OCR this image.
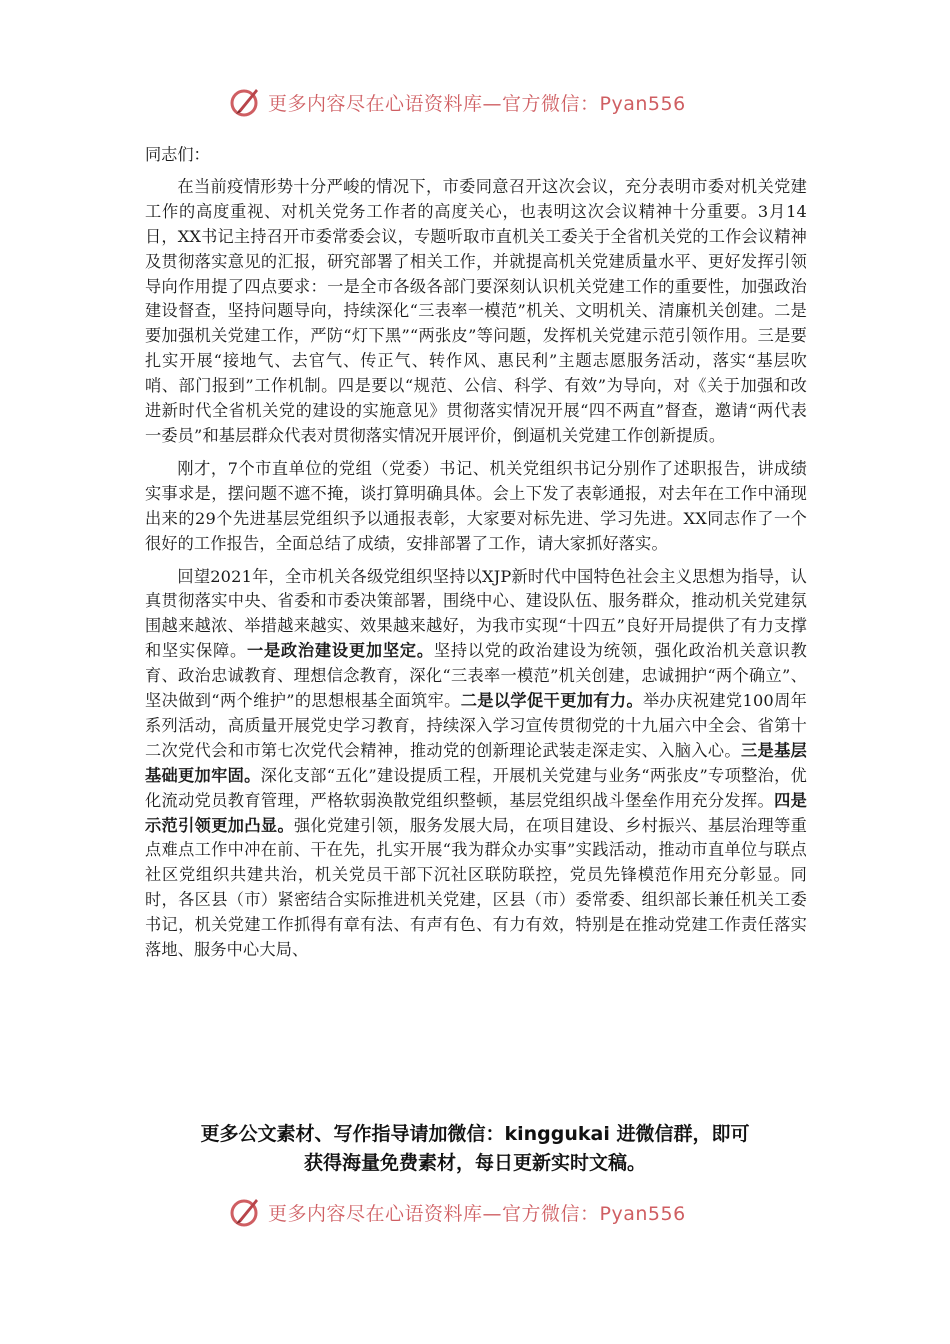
更多内容尽在心语资料库—官方微信：Pyan556

同志们：

在当前疫情形势十分严峻的情况下，市委同意召开这次会议，充分表明市委对机关党建工作的高度重视、对机关党务工作者的高度关心，也表明这次会议精神十分重要。3月14日，XX书记主持召开市委常委会议，专题听取市直机关工委关于全省机关党的工作会议精神及贯彻落实意见的汇报，研究部署了相关工作，并就提高机关党建质量水平、更好发挥引领导向作用提了四点要求：一是全市各级各部门要深刻认识机关党建工作的重要性，加强政治建设督查，坚持问题导向，持续深化“三表率一模范”机关、文明机关、清廉机关创建。二是要加强机关党建工作，严防“灯下黑”“两张皮”等问题，发挥机关党建示范引领作用。三是要扎实开展“接地气、去官气、传正气、转作风、惠民利”主题志愿服务活动，落实“基层吹哨、部门报到”工作机制。四是要以“规范、公信、科学、有效”为导向，对《关于加强和改进新时代全省机关党的建设的实施意见》贯彻落实情况开展“四不两直”督查，邀请“两代表一委员”和基层群众代表对贯彻落实情况开展评价，倒逼机关党建工作创新提质。

刚才，7个市直单位的党组（党委）书记、机关党组织书记分别作了述职报告，讲成绩实事求是，摆问题不遮不掩，谈打算明确具体。会上下发了表彰通报，对去年在工作中涌现出来的29个先进基层党组织予以通报表彰，大家要对标先进、学习先进。XX同志作了一个很好的工作报告，全面总结了成绩，安排部署了工作，请大家抓好落实。

回望2021年，全市机关各级党组织坚持以XJP新时代中国特色社会主义思想为指导，认真贯彻落实中央、省委和市委决策部署，围绕中心、建设队伍、服务群众，推动机关党建氛围越来越浓、举措越来越实、效果越来越好，为我市实现“十四五”良好开局提供了有力支撑和坚实保障。一是政治建设更加坚定。坚持以党的政治建设为统领，强化政治机关意识教育、政治忠诚教育、理想信念教育，深化“三表率一模范”机关创建，忠诚拥护“两个确立”、坚决做到“两个维护”的思想根基全面筑牢。二是以学促干更加有力。举办庆祝建党100周年系列活动，高质量开展党史学习教育，持续深入学习宣传贯彻党的十九届六中全会、省第十二次党代会和市第七次党代会精神，推动党的创新理论武装走深走实、入脑入心。三是基层基础更加牢固。深化支部“五化”建设提质工程，开展机关党建与业务“两张皮”专项整治，优化流动党员教育管理，严格软弱涣散党组织整顿，基层党组织战斗堡垒作用充分发挥。四是示范引领更加凸显。强化党建引领，服务发展大局，在项目建设、乡村振兴、基层治理等重点难点工作中冲在前、干在先，扎实开展“我为群众办实事”实践活动，推动市直单位与联点社区党组织共建共治，机关党员干部下沉社区联防联控，党员先锋模范作用充分彰显。同时，各区县（市）紧密结合实际推进机关党建，区县（市）委常委、组织部长兼任机关工委书记，机关党建工作抓得有章有法、有声有色、有力有效，特别是在推动党建工作责任落实落地、服务中心大局、

更多公文素材、写作指导请加微信：kinggukai 进微信群，即可
获得海量免费素材，每日更新实时文稿。
更多内容尽在心语资料库—官方微信：Pyan556
